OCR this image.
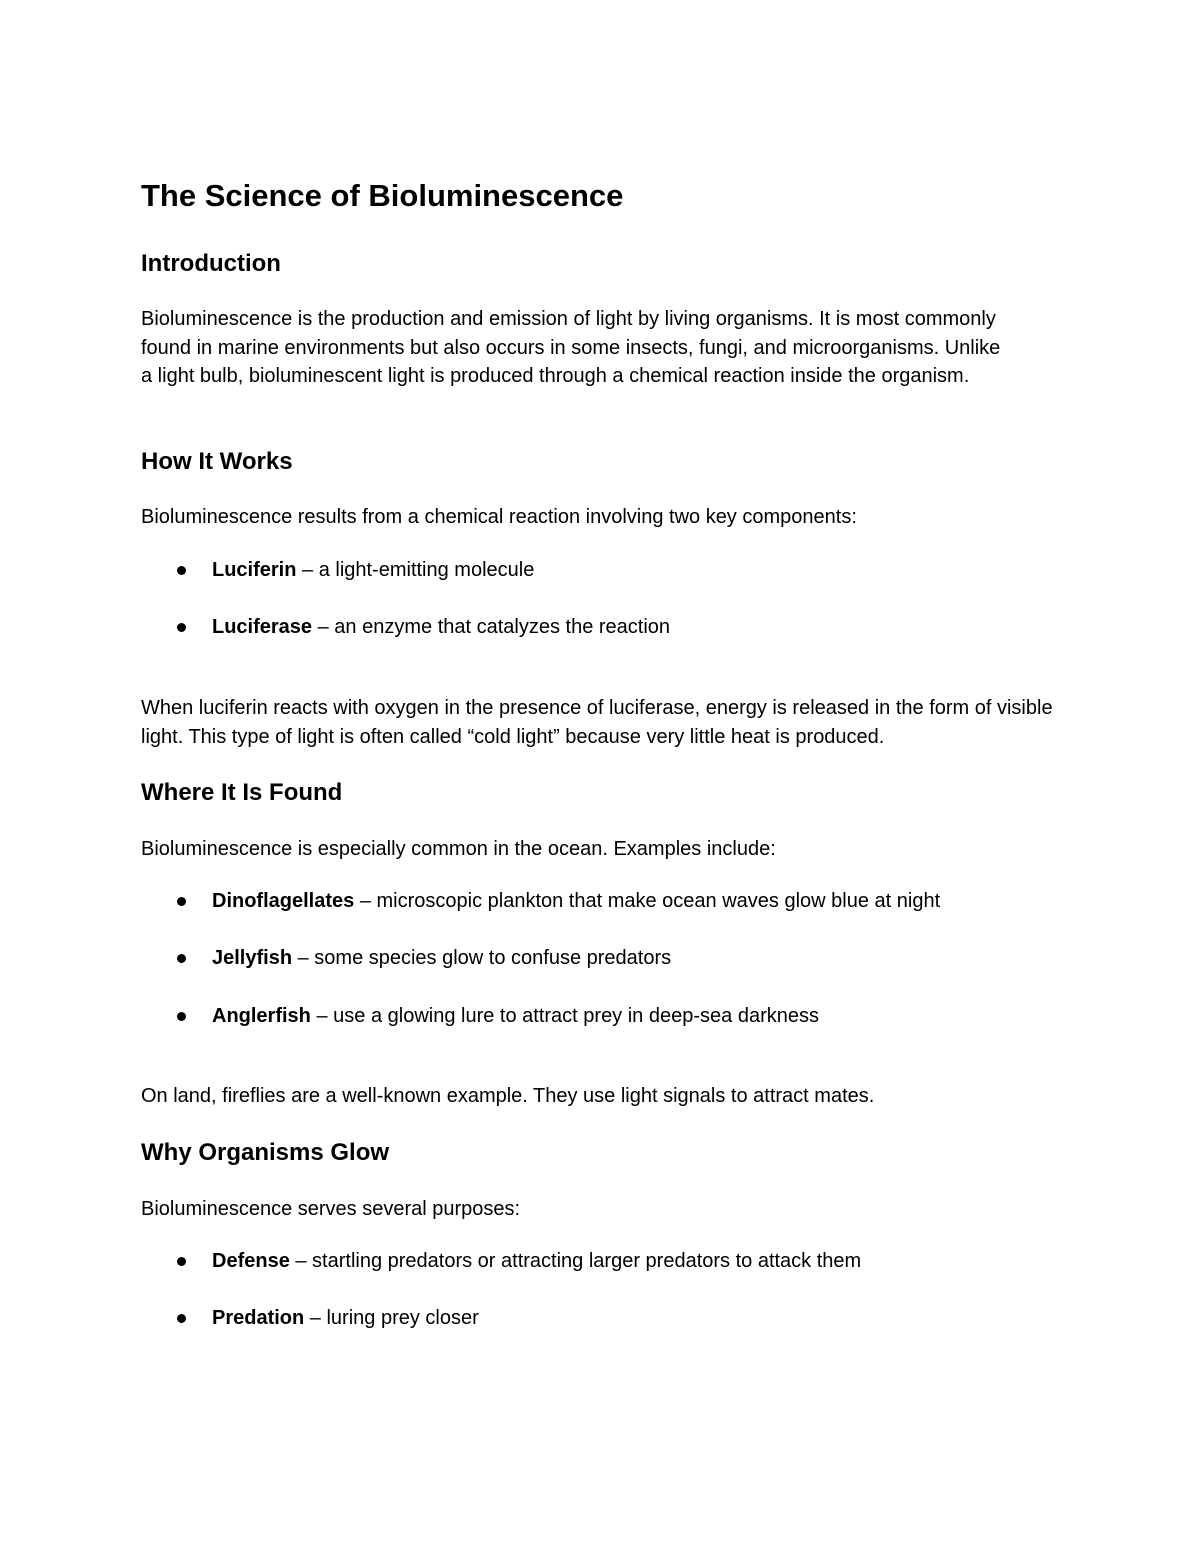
The Science of Bioluminescence
Introduction

Bioluminescence is the production and emission of light by living organisms. It is most commonly found in marine environments but also occurs in some insects, fungi, and microorganisms. Unlike a light bulb, bioluminescent light is produced through a chemical reaction inside the organism.

How It Works

Bioluminescence results from a chemical reaction involving two key components:

Luciferin – a light-emitting molecule
Luciferase – an enzyme that catalyzes the reaction

When luciferin reacts with oxygen in the presence of luciferase, energy is released in the form of visible light. This type of light is often called “cold light” because very little heat is produced.

Where It Is Found

Bioluminescence is especially common in the ocean. Examples include:

Dinoflagellates – microscopic plankton that make ocean waves glow blue at night
Jellyfish – some species glow to confuse predators
Anglerfish – use a glowing lure to attract prey in deep-sea darkness

On land, fireflies are a well-known example. They use light signals to attract mates.

Why Organisms Glow

Bioluminescence serves several purposes:

Defense – startling predators or attracting larger predators to attack them
Predation – luring prey closer
